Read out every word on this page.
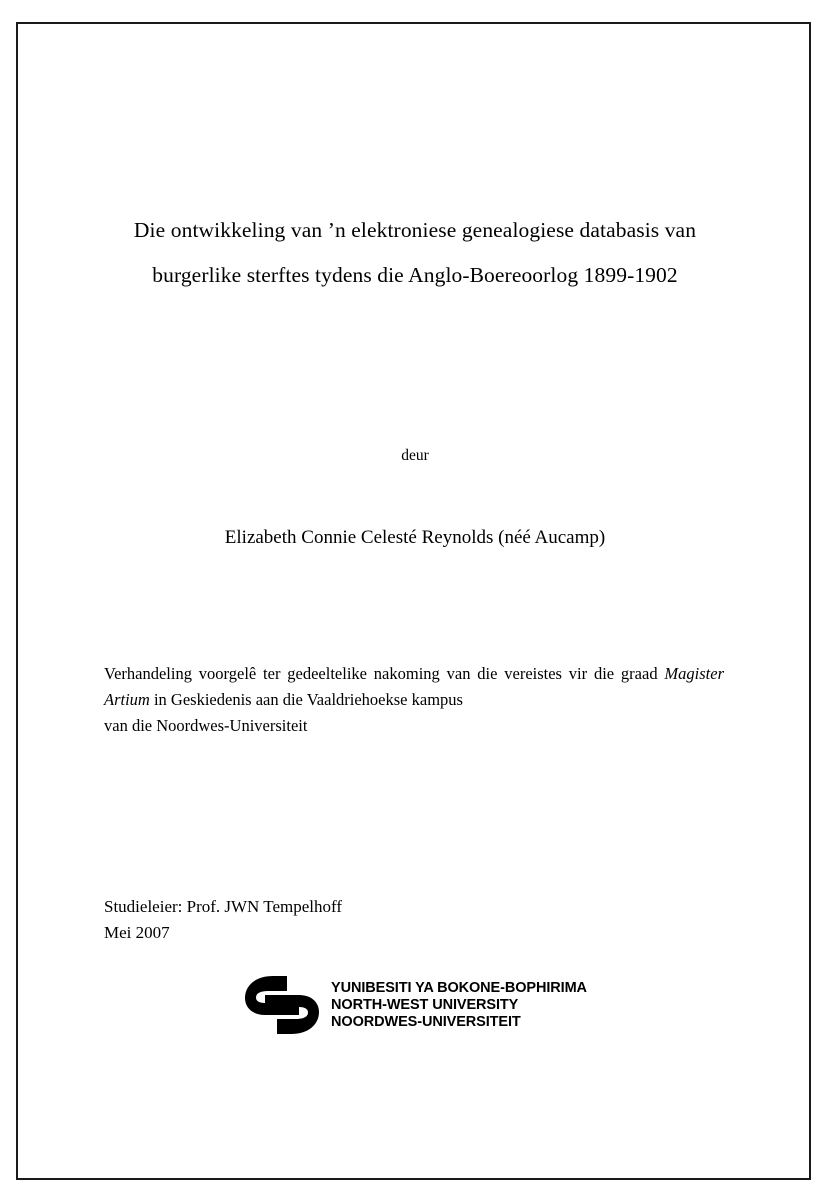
Die ontwikkeling van ’n elektroniese genealogiese databasis van
burgerlike sterftes tydens die Anglo-Boereoorlog 1899-1902
deur
Elizabeth Connie Celesté Reynolds (néé Aucamp)

Verhandeling voorgelê ter gedeeltelike nakoming van die vereistes vir die graad Magister Artium in Geskiedenis aan die Vaaldriehoekse kampus

van die Noordwes-Universiteit

Studieleier: Prof. JWN Tempelhoff
Mei 2007
YUNIBESITI YA BOKONE-BOPHIRIMA
NORTH-WEST UNIVERSITY
NOORDWES-UNIVERSITEIT
